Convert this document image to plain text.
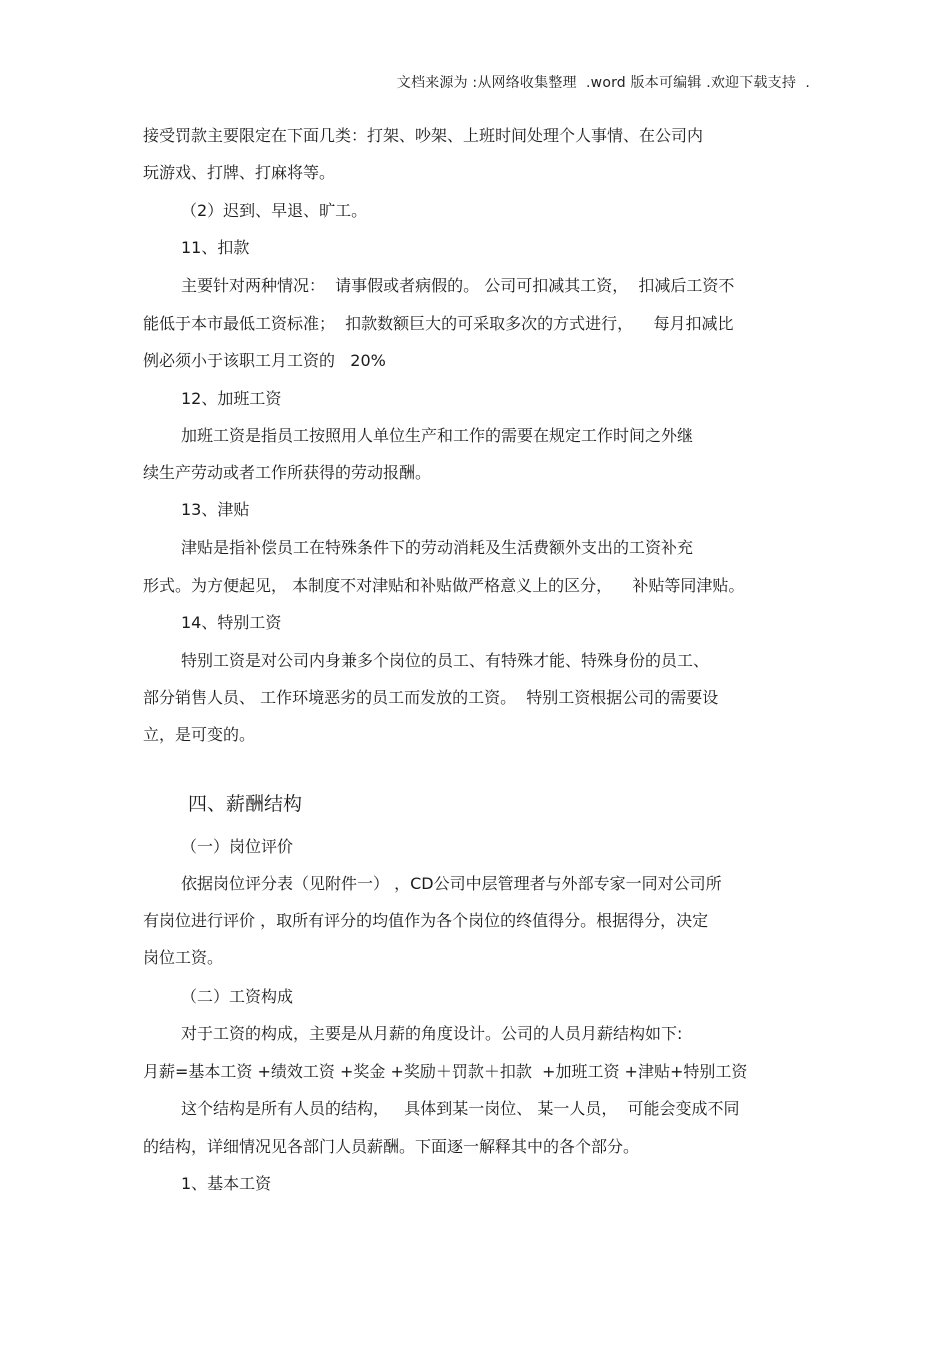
文档来源为 :从网络收集整理  .word 版本可编辑 .欢迎下载支持  .
接受罚款主要限定在下面几类：打架、吵架、上班时间处理个人事情、在公司内
玩游戏、打牌、打麻将等。
（2）迟到、早退、旷工。
11、扣款
主要针对两种情况：  请事假或者病假的。 公司可扣减其工资，  扣减后工资不
能低于本市最低工资标准；  扣款数额巨大的可采取多次的方式进行，    每月扣减比
例必须小于该职工月工资的   20%
12、加班工资
加班工资是指员工按照用人单位生产和工作的需要在规定工作时间之外继
续生产劳动或者工作所获得的劳动报酬。
13、津贴
津贴是指补偿员工在特殊条件下的劳动消耗及生活费额外支出的工资补充
形式。为方便起见， 本制度不对津贴和补贴做严格意义上的区分，    补贴等同津贴。
14、特别工资
特别工资是对公司内身兼多个岗位的员工、有特殊才能、特殊身份的员工、
部分销售人员、 工作环境恶劣的员工而发放的工资。  特别工资根据公司的需要设
立，是可变的。
四、薪酬结构
（一）岗位评价
依据岗位评分表（见附件一） ，CD公司中层管理者与外部专家一同对公司所
有岗位进行评价 ，取所有评分的均值作为各个岗位的终值得分。根据得分，决定
岗位工资。
（二）工资构成
对于工资的构成，主要是从月薪的角度设计。公司的人员月薪结构如下:
月薪=基本工资 +绩效工资 +奖金 +奖励＋罚款＋扣款  +加班工资 +津贴+特别工资
这个结构是所有人员的结构，   具体到某一岗位、 某一人员，  可能会变成不同
的结构，详细情况见各部门人员薪酬。下面逐一解释其中的各个部分。
1、基本工资
